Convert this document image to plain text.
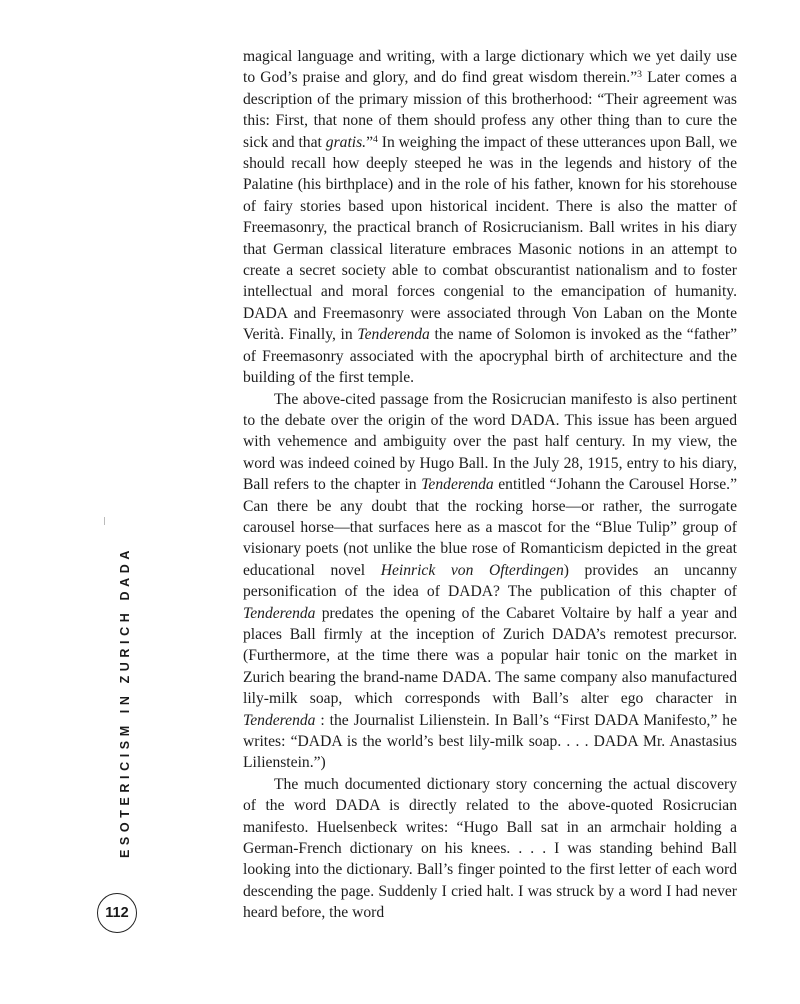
magical language and writing, with a large dictionary which we yet daily use to God’s praise and glory, and do find great wisdom therein.”$^3$ Later comes a description of the primary mission of this brotherhood: “Their agreement was this: First, that none of them should profess any other thing than to cure the sick and that gratis.”$^4$ In weighing the impact of these utterances upon Ball, we should recall how deeply steeped he was in the legends and history of the Palatine (his birthplace) and in the role of his father, known for his storehouse of fairy stories based upon historical incident. There is also the matter of Freemasonry, the practical branch of Rosicrucianism. Ball writes in his diary that German classical literature embraces Masonic notions in an attempt to create a secret society able to combat obscurantist nationalism and to foster intellectual and moral forces congenial to the emancipation of humanity. DADA and Freemasonry were associated through Von Laban on the Monte Verità. Finally, in Tenderenda the name of Solomon is invoked as the “father” of Freemasonry associated with the apocryphal birth of architecture and the building of the first temple.

The above-cited passage from the Rosicrucian manifesto is also pertinent to the debate over the origin of the word DADA. This issue has been argued with vehemence and ambiguity over the past half century. In my view, the word was indeed coined by Hugo Ball. In the July 28, 1915, entry to his diary, Ball refers to the chapter in Tenderenda entitled “Johann the Carousel Horse.” Can there be any doubt that the rocking horse—or rather, the surrogate carousel horse—that surfaces here as a mascot for the “Blue Tulip” group of visionary poets (not unlike the blue rose of Romanticism depicted in the great educational novel Heinrick von Ofterdingen) provides an uncanny personification of the idea of DADA? The publication of this chapter of Tenderenda predates the opening of the Cabaret Voltaire by half a year and places Ball firmly at the inception of Zurich DADA’s remotest precursor. (Furthermore, at the time there was a popular hair tonic on the market in Zurich bearing the brand-name DADA. The same company also manufactured lily-milk soap, which corresponds with Ball’s alter ego character in Tenderenda : the Journalist Lilienstein. In Ball’s “First DADA Manifesto,” he writes: “DADA is the world’s best lily-milk soap. . . . DADA Mr. Anastasius Lilienstein.”)

The much documented dictionary story concerning the actual discovery of the word DADA is directly related to the above-quoted Rosicrucian manifesto. Huelsenbeck writes: “Hugo Ball sat in an armchair holding a German-French dictionary on his knees. . . . I was standing behind Ball looking into the dictionary. Ball’s finger pointed to the first letter of each word descending the page. Suddenly I cried halt. I was struck by a word I had never heard before, the word

ESOTERICISM IN ZURICH DADA
112
